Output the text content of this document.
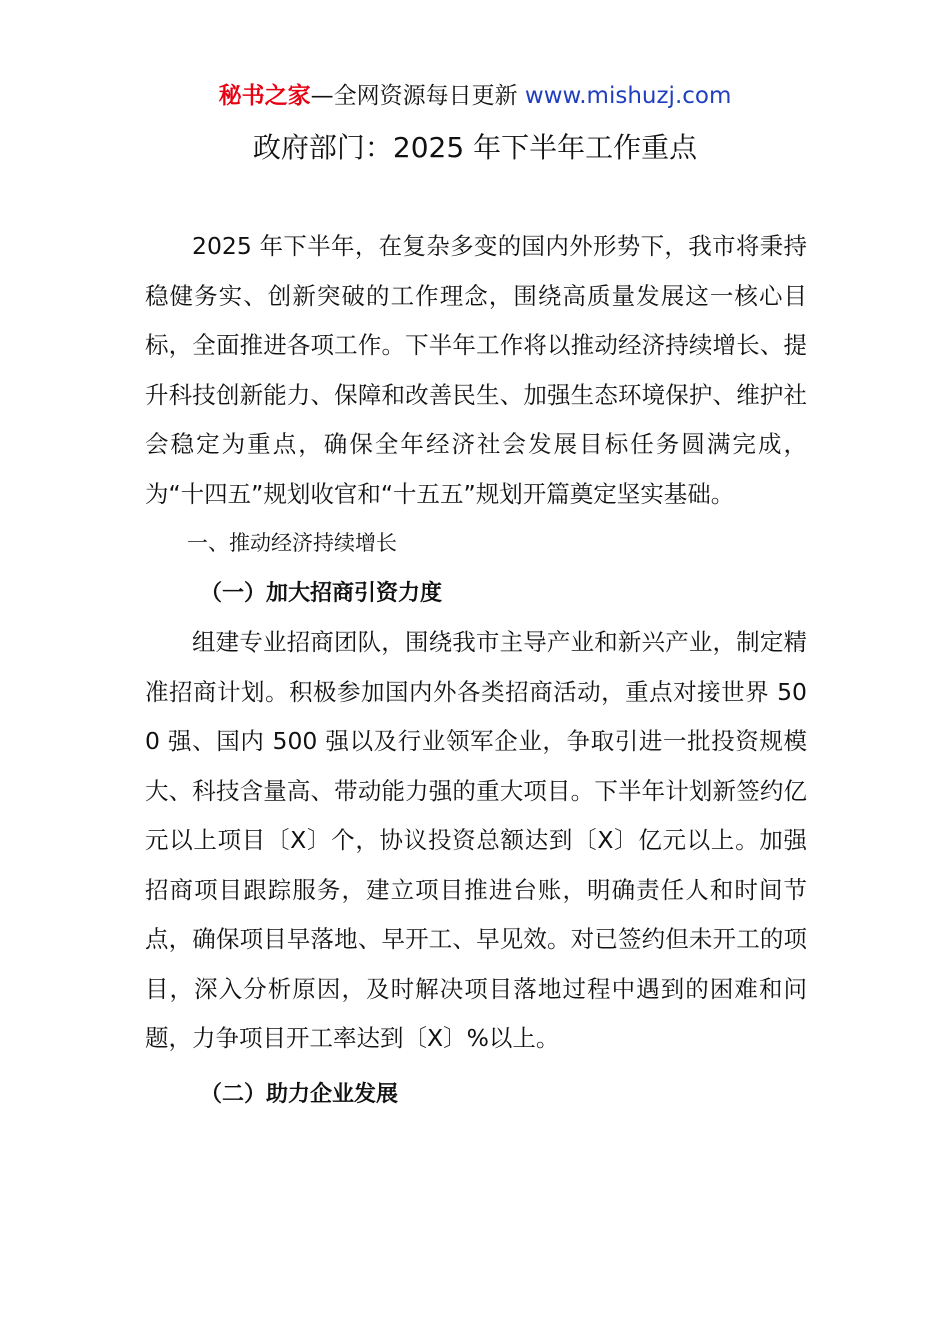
秘书之家—全网资源每日更新 www.mishuzj.com
政府部门：2025 年下半年工作重点

2025 年下半年，在复杂多变的国内外形势下，我市将秉持稳健务实、创新突破的工作理念，围绕高质量发展这一核心目标，全面推进各项工作。下半年工作将以推动经济持续增长、提升科技创新能力、保障和改善民生、加强生态环境保护、维护社会稳定为重点，确保全年经济社会发展目标任务圆满完成，为“十四五”规划收官和“十五五”规划开篇奠定坚实基础。

一、推动经济持续增长

（一）加大招商引资力度

组建专业招商团队，围绕我市主导产业和新兴产业，制定精准招商计划。积极参加国内外各类招商活动，重点对接世界 500 强、国内 500 强以及行业领军企业，争取引进一批投资规模大、科技含量高、带动能力强的重大项目。下半年计划新签约亿元以上项目〔X〕个，协议投资总额达到〔X〕亿元以上。加强招商项目跟踪服务，建立项目推进台账，明确责任人和时间节点，确保项目早落地、早开工、早见效。对已签约但未开工的项目，深入分析原因，及时解决项目落地过程中遇到的困难和问题，力争项目开工率达到〔X〕%以上。

（二）助力企业发展
